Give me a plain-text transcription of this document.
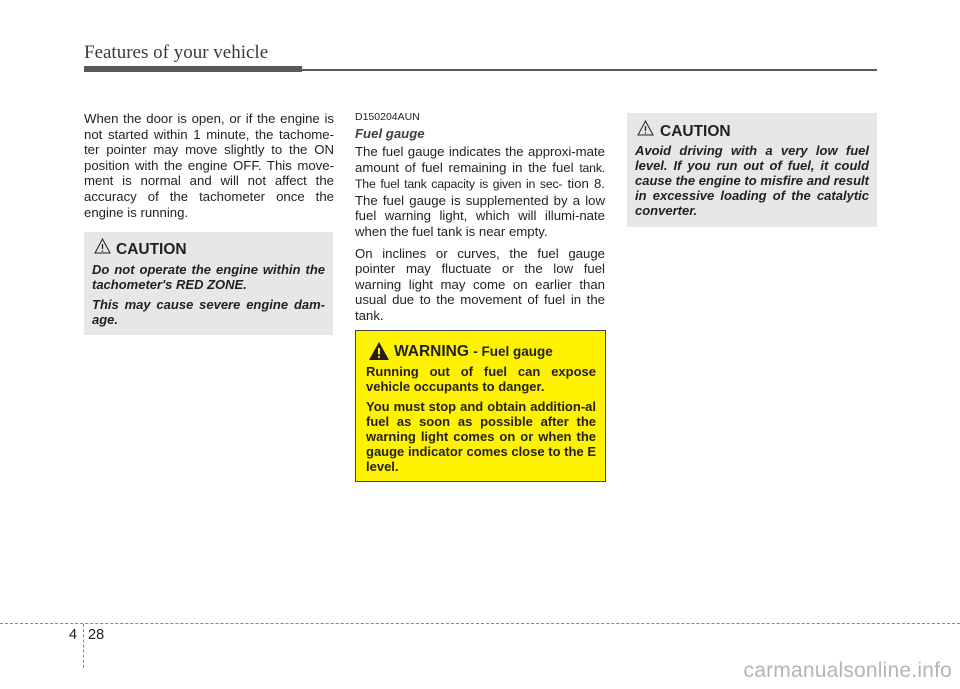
Features of your vehicle
When the door is open, or if the engine is not started within 1 minute, the tachome-ter pointer may move slightly to the ON position with the engine OFF. This move-ment is normal and will not affect the accuracy of the tachometer once the engine is running.
CAUTION

Do not operate the engine within the tachometer's RED ZONE.

This may cause severe engine dam-age.

D150204AUN
Fuel gauge

The fuel gauge indicates the approxi-mate amount of fuel remaining in the fuel tank. The fuel tank capacity is given in sec- tion 8. The fuel gauge is supplemented by a low fuel warning light, which will illumi-nate when the fuel tank is near empty.

On inclines or curves, the fuel gauge pointer may fluctuate or the low fuel warning light may come on earlier than usual due to the movement of fuel in the tank.

WARNING - Fuel gauge

Running out of fuel can expose vehicle occupants to danger.

You must stop and obtain addition-al fuel as soon as possible after the warning light comes on or when the gauge indicator comes close to the E level.

CAUTION
Avoid driving with a very low fuel level. If you run out of fuel, it could cause the engine to misfire and result in excessive loading of the catalytic converter.
4 28
carmanualsonline.info
